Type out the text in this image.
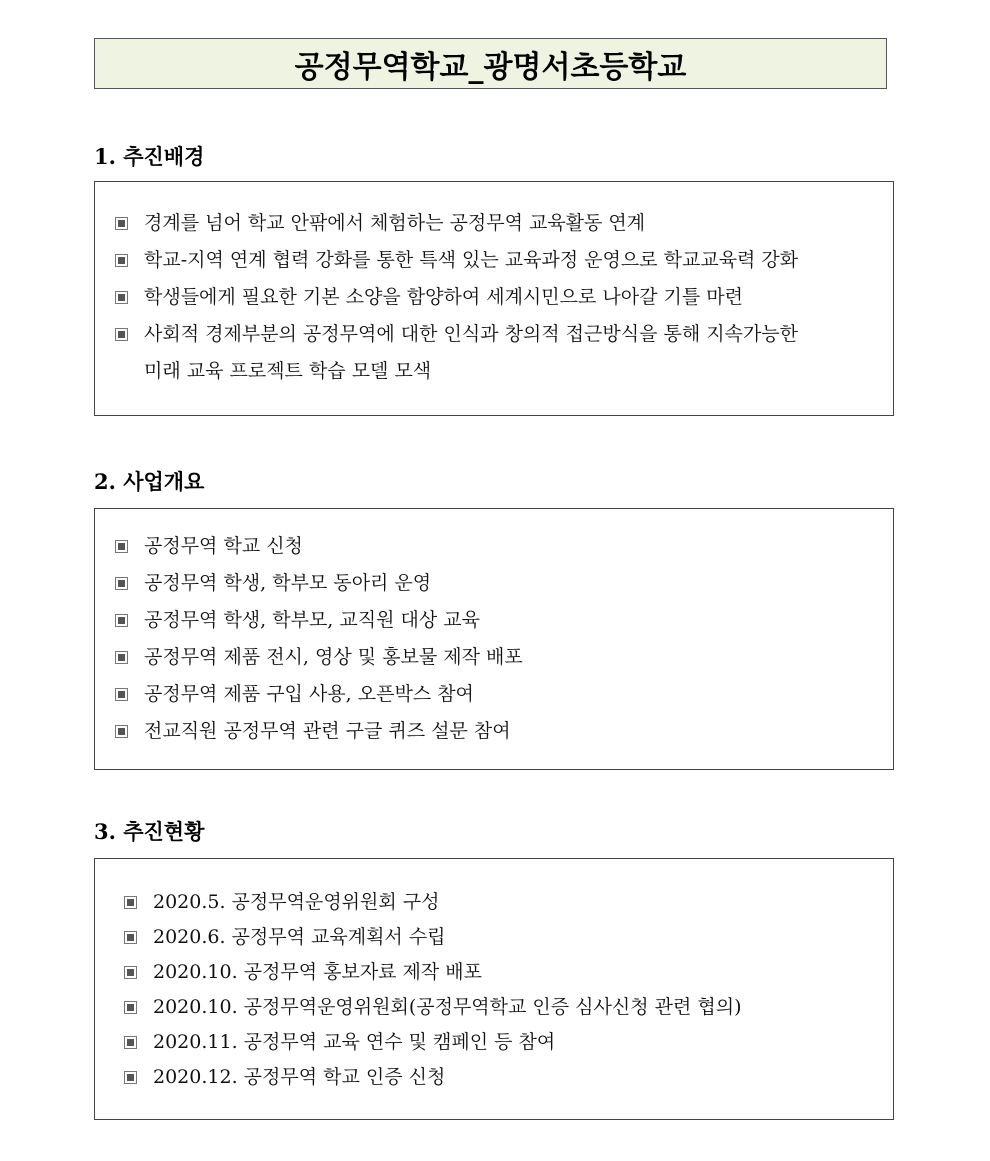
공정무역학교_광명서초등학교
1. 추진배경
경계를 넘어 학교 안팎에서 체험하는 공정무역 교육활동 연계
학교-지역 연계 협력 강화를 통한 특색 있는 교육과정 운영으로 학교교육력 강화
학생들에게 필요한 기본 소양을 함양하여 세계시민으로 나아갈 기틀 마련
사회적 경제부분의 공정무역에 대한 인식과 창의적 접근방식을 통해 지속가능한
미래 교육 프로젝트 학습 모델 모색
2. 사업개요
공정무역 학교 신청
공정무역 학생, 학부모 동아리 운영
공정무역 학생, 학부모, 교직원 대상 교육
공정무역 제품 전시, 영상 및 홍보물 제작 배포
공정무역 제품 구입 사용, 오픈박스 참여
전교직원 공정무역 관련 구글 퀴즈 설문 참여
3. 추진현황
2020.5. 공정무역운영위원회 구성
2020.6. 공정무역 교육계획서 수립
2020.10. 공정무역 홍보자료 제작 배포
2020.10. 공정무역운영위원회(공정무역학교 인증 심사신청 관련 협의)
2020.11. 공정무역 교육 연수 및 캠페인 등 참여
2020.12. 공정무역 학교 인증 신청
